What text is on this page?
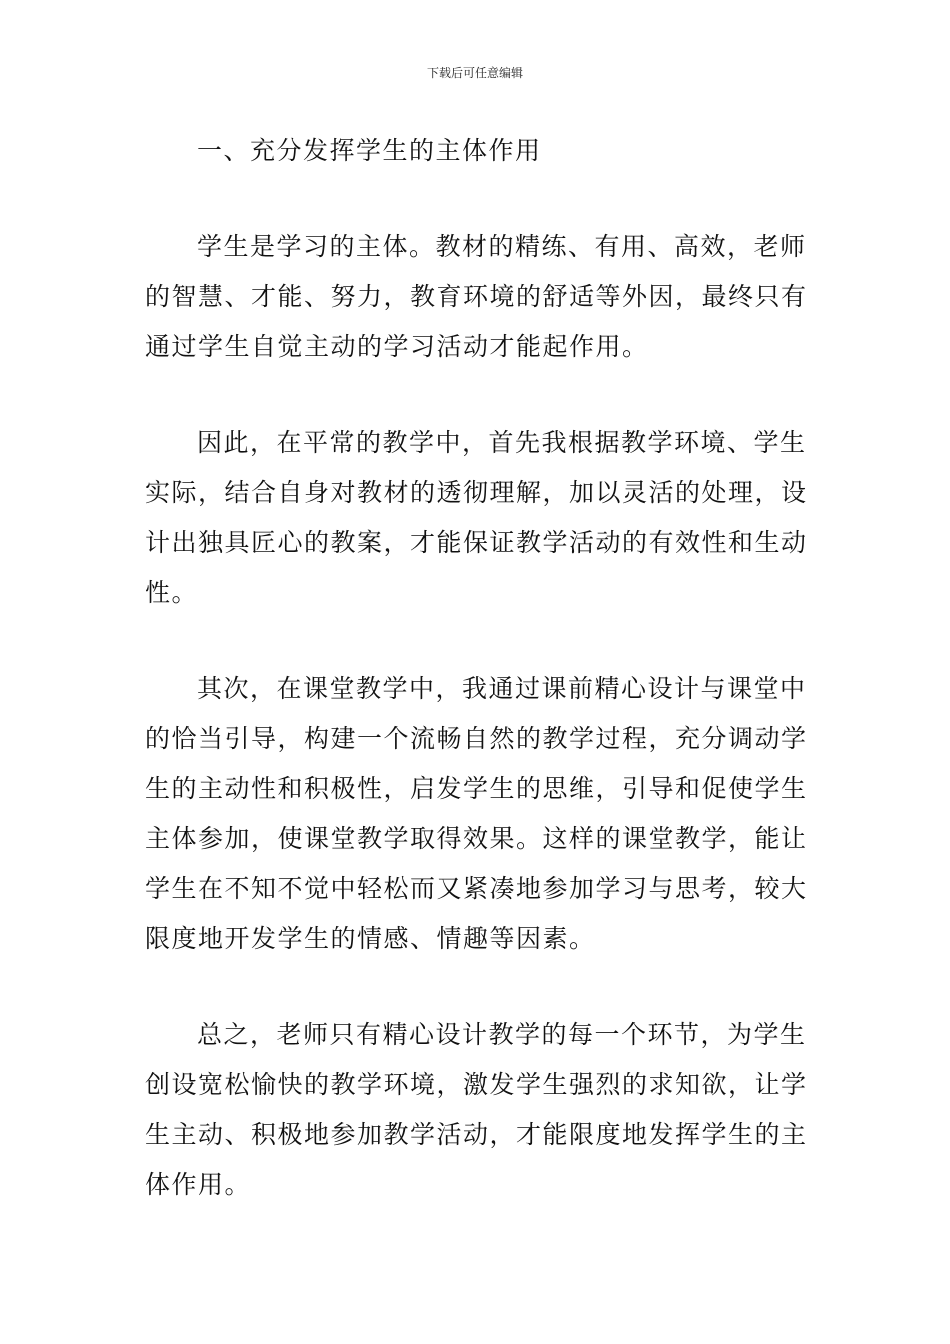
下载后可任意编辑
一、充分发挥学生的主体作用
学生是学习的主体。教材的精练、有用、高效，老师
的智慧、才能、努力，教育环境的舒适等外因，最终只有
通过学生自觉主动的学习活动才能起作用。
因此，在平常的教学中，首先我根据教学环境、学生
实际，结合自身对教材的透彻理解，加以灵活的处理，设
计出独具匠心的教案，才能保证教学活动的有效性和生动
性。
其次，在课堂教学中，我通过课前精心设计与课堂中
的恰当引导，构建一个流畅自然的教学过程，充分调动学
生的主动性和积极性，启发学生的思维，引导和促使学生
主体参加，使课堂教学取得效果。这样的课堂教学，能让
学生在不知不觉中轻松而又紧凑地参加学习与思考，较大
限度地开发学生的情感、情趣等因素。
总之，老师只有精心设计教学的每一个环节，为学生
创设宽松愉快的教学环境，激发学生强烈的求知欲，让学
生主动、积极地参加教学活动，才能限度地发挥学生的主
体作用。
